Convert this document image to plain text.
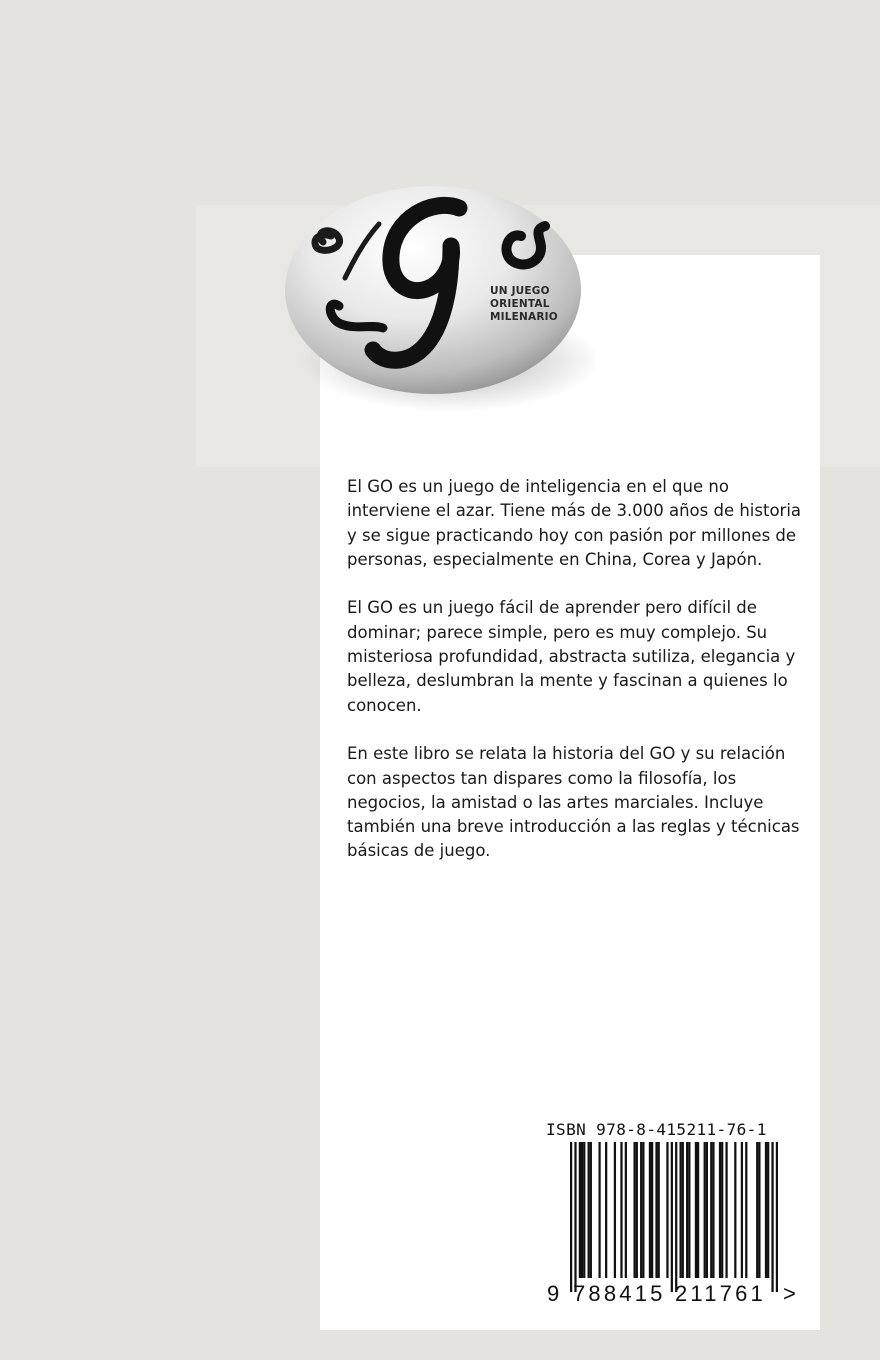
UN JUEGO
ORIENTAL
MILENARIO

El GO es un juego de inteligencia en el que no interviene el azar. Tiene más de 3.000 años de historia y se sigue practicando hoy con pasión por millones de personas, especialmente en China, Corea y Japón.

El GO es un juego fácil de aprender pero difícil de dominar; parece simple, pero es muy complejo. Su misteriosa profundidad, abstracta sutiliza, elegancia y belleza, deslumbran la mente y fascinan a quienes lo conocen.

En este libro se relata la historia del GO y su relación con aspectos tan dispares como la filosofía, los negocios, la amistad o las artes marciales. Incluye también una breve introducción a las reglas y técnicas básicas de juego.

ISBN 978-8-415211-76-1
9 788415 211761 >
